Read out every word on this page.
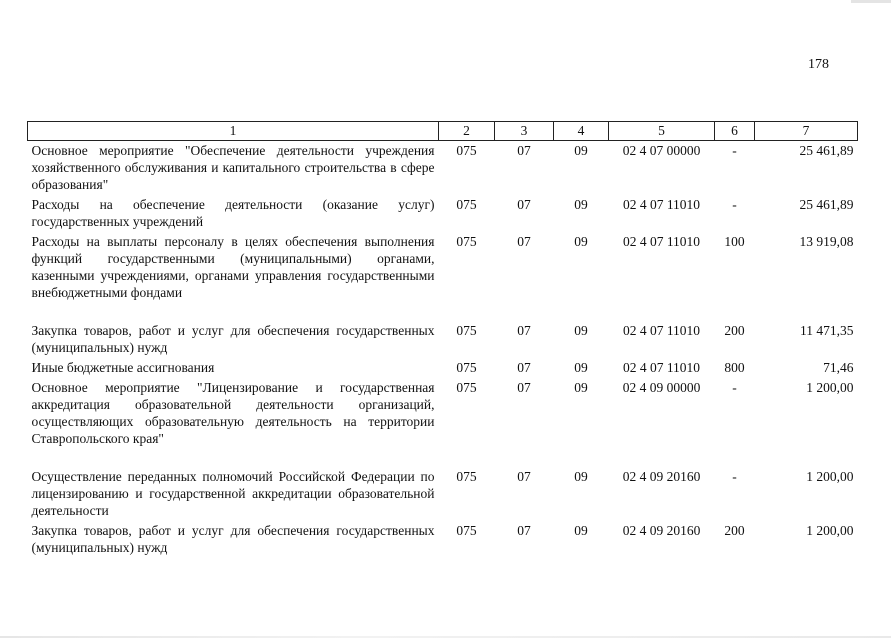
178
1	2	3	4	5	6	7
Основное мероприятие "Обеспечение деятельности учреждения хозяйственного обслуживания и капитального строительства в сфере образования"	075	07	09	02 4 07 00000	-	25 461,89
Расходы на обеспечение деятельности (оказание услуг) государственных учреждений	075	07	09	02 4 07 11010	-	25 461,89
Расходы на выплаты персоналу в целях обеспечения выполнения функций государственными (муниципальными) органами, казенными учреждениями, органами управления государственными внебюджетными фондами	075	07	09	02 4 07 11010	100	13 919,08

Закупка товаров, работ и услуг для обеспечения государственных (муниципальных) нужд	075	07	09	02 4 07 11010	200	11 471,35
Иные бюджетные ассигнования	075	07	09	02 4 07 11010	800	71,46
Основное мероприятие "Лицензирование и государственная аккредитация образовательной деятельности организаций, осуществляющих образовательную деятельность на территории Ставропольского края"	075	07	09	02 4 09 00000	-	1 200,00

Осуществление переданных полномочий Российской Федерации по лицензированию и государственной аккредитации образовательной деятельности	075	07	09	02 4 09 20160	-	1 200,00
Закупка товаров, работ и услуг для обеспечения государственных (муниципальных) нужд	075	07	09	02 4 09 20160	200	1 200,00
